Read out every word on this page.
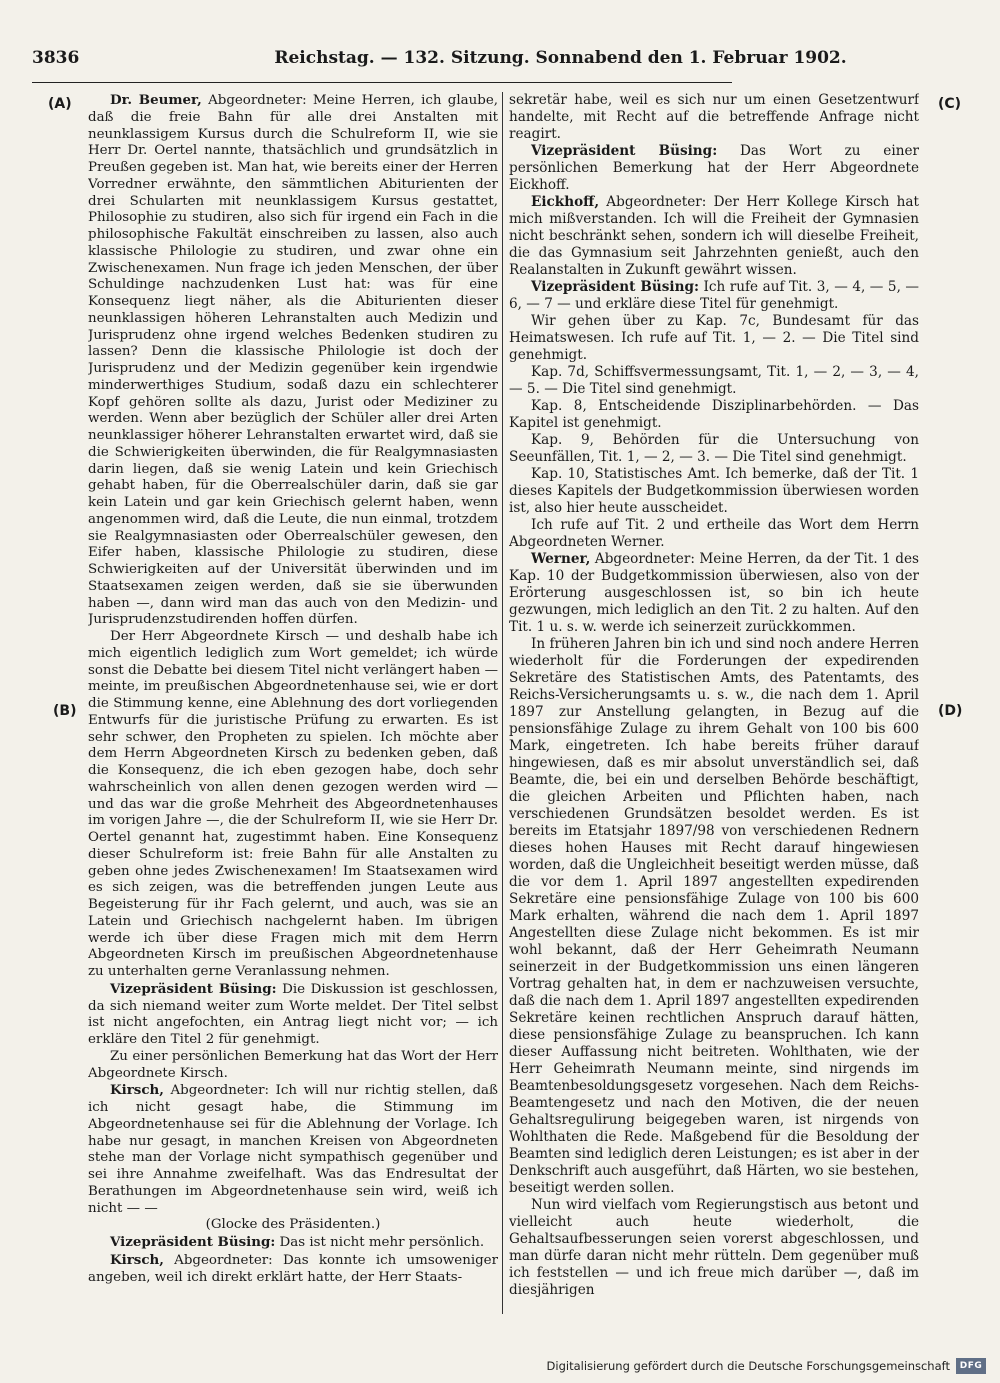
3836	Reichstag. — 132. Sitzung. Sonnabend den 1. Februar 1902.
(A)
(B)
(C)
(D)

Dr. Beumer, Abgeordneter: Meine Herren, ich glaube, daß die freie Bahn für alle drei Anstalten mit neunklassigem Kursus durch die Schulreform II, wie sie Herr Dr. Oertel nannte, thatsächlich und grundsätzlich in Preußen gegeben ist. Man hat, wie bereits einer der Herren Vorredner erwähnte, den sämmtlichen Abiturienten der drei Schularten mit neunklassigem Kursus gestattet, Philosophie zu studiren, also sich für irgend ein Fach in die philosophische Fakultät einschreiben zu lassen, also auch klassische Philologie zu studiren, und zwar ohne ein Zwischenexamen. Nun frage ich jeden Menschen, der über Schuldinge nachzudenken Lust hat: was für eine Konsequenz liegt näher, als die Abiturienten dieser neunklassigen höheren Lehranstalten auch Medizin und Jurisprudenz ohne irgend welches Bedenken studiren zu lassen? Denn die klassische Philologie ist doch der Jurisprudenz und der Medizin gegenüber kein irgendwie minderwerthiges Studium, sodaß dazu ein schlechterer Kopf gehören sollte als dazu, Jurist oder Mediziner zu werden. Wenn aber bezüglich der Schüler aller drei Arten neunklassiger höherer Lehranstalten erwartet wird, daß sie die Schwierigkeiten überwinden, die für Realgymnasiasten darin liegen, daß sie wenig Latein und kein Griechisch gehabt haben, für die Oberrealschüler darin, daß sie gar kein Latein und gar kein Griechisch gelernt haben, wenn angenommen wird, daß die Leute, die nun einmal, trotzdem sie Realgymnasiasten oder Oberrealschüler gewesen, den Eifer haben, klassische Philologie zu studiren, diese Schwierigkeiten auf der Universität überwinden und im Staatsexamen zeigen werden, daß sie sie überwunden haben —, dann wird man das auch von den Medizin- und Jurisprudenzstudirenden hoffen dürfen.

Der Herr Abgeordnete Kirsch — und deshalb habe ich mich eigentlich lediglich zum Wort gemeldet; ich würde sonst die Debatte bei diesem Titel nicht verlängert haben — meinte, im preußischen Abgeordnetenhause sei, wie er dort die Stimmung kenne, eine Ablehnung des dort vorliegenden Entwurfs für die juristische Prüfung zu erwarten. Es ist sehr schwer, den Propheten zu spielen. Ich möchte aber dem Herrn Abgeordneten Kirsch zu bedenken geben, daß die Konsequenz, die ich eben gezogen habe, doch sehr wahrscheinlich von allen denen gezogen werden wird — und das war die große Mehrheit des Abgeordnetenhauses im vorigen Jahre —, die der Schulreform II, wie sie Herr Dr. Oertel genannt hat, zugestimmt haben. Eine Konsequenz dieser Schulreform ist: freie Bahn für alle Anstalten zu geben ohne jedes Zwischenexamen! Im Staatsexamen wird es sich zeigen, was die betreffenden jungen Leute aus Begeisterung für ihr Fach gelernt, und auch, was sie an Latein und Griechisch nachgelernt haben. Im übrigen werde ich über diese Fragen mich mit dem Herrn Abgeordneten Kirsch im preußischen Abgeordnetenhause zu unterhalten gerne Veranlassung nehmen.

Vizepräsident Büsing: Die Diskussion ist geschlossen, da sich niemand weiter zum Worte meldet. Der Titel selbst ist nicht angefochten, ein Antrag liegt nicht vor; — ich erkläre den Titel 2 für genehmigt.

Zu einer persönlichen Bemerkung hat das Wort der Herr Abgeordnete Kirsch.

Kirsch, Abgeordneter: Ich will nur richtig stellen, daß ich nicht gesagt habe, die Stimmung im Abgeordnetenhause sei für die Ablehnung der Vorlage. Ich habe nur gesagt, in manchen Kreisen von Abgeordneten stehe man der Vorlage nicht sympathisch gegenüber und sei ihre Annahme zweifelhaft. Was das Endresultat der Berathungen im Abgeordnetenhause sein wird, weiß ich nicht — —

(Glocke des Präsidenten.)

Vizepräsident Büsing: Das ist nicht mehr persönlich.

Kirsch, Abgeordneter: Das konnte ich umsoweniger angeben, weil ich direkt erklärt hatte, der Herr Staats-

sekretär habe, weil es sich nur um einen Gesetzentwurf handelte, mit Recht auf die betreffende Anfrage nicht reagirt.

Vizepräsident Büsing: Das Wort zu einer persönlichen Bemerkung hat der Herr Abgeordnete Eickhoff.

Eickhoff, Abgeordneter: Der Herr Kollege Kirsch hat mich mißverstanden. Ich will die Freiheit der Gymnasien nicht beschränkt sehen, sondern ich will dieselbe Freiheit, die das Gymnasium seit Jahrzehnten genießt, auch den Realanstalten in Zukunft gewährt wissen.

Vizepräsident Büsing: Ich rufe auf Tit. 3, — 4, — 5, — 6, — 7 — und erkläre diese Titel für genehmigt.

Wir gehen über zu Kap. 7c, Bundesamt für das Heimatswesen. Ich rufe auf Tit. 1, — 2. — Die Titel sind genehmigt.

Kap. 7d, Schiffsvermessungsamt, Tit. 1, — 2, — 3, — 4, — 5. — Die Titel sind genehmigt.

Kap. 8, Entscheidende Disziplinarbehörden. — Das Kapitel ist genehmigt.

Kap. 9, Behörden für die Untersuchung von Seeunfällen, Tit. 1, — 2, — 3. — Die Titel sind genehmigt.

Kap. 10, Statistisches Amt. Ich bemerke, daß der Tit. 1 dieses Kapitels der Budgetkommission überwiesen worden ist, also hier heute ausscheidet.

Ich rufe auf Tit. 2 und ertheile das Wort dem Herrn Abgeordneten Werner.

Werner, Abgeordneter: Meine Herren, da der Tit. 1 des Kap. 10 der Budgetkommission überwiesen, also von der Erörterung ausgeschlossen ist, so bin ich heute gezwungen, mich lediglich an den Tit. 2 zu halten. Auf den Tit. 1 u. s. w. werde ich seinerzeit zurückkommen.

In früheren Jahren bin ich und sind noch andere Herren wiederholt für die Forderungen der expedirenden Sekretäre des Statistischen Amts, des Patentamts, des Reichs-Versicherungsamts u. s. w., die nach dem 1. April 1897 zur Anstellung gelangten, in Bezug auf die pensionsfähige Zulage zu ihrem Gehalt von 100 bis 600 Mark, eingetreten. Ich habe bereits früher darauf hingewiesen, daß es mir absolut unverständlich sei, daß Beamte, die, bei ein und derselben Behörde beschäftigt, die gleichen Arbeiten und Pflichten haben, nach verschiedenen Grundsätzen besoldet werden. Es ist bereits im Etatsjahr 1897/98 von verschiedenen Rednern dieses hohen Hauses mit Recht darauf hingewiesen worden, daß die Ungleichheit beseitigt werden müsse, daß die vor dem 1. April 1897 angestellten expedirenden Sekretäre eine pensionsfähige Zulage von 100 bis 600 Mark erhalten, während die nach dem 1. April 1897 Angestellten diese Zulage nicht bekommen. Es ist mir wohl bekannt, daß der Herr Geheimrath Neumann seinerzeit in der Budgetkommission uns einen längeren Vortrag gehalten hat, in dem er nachzuweisen versuchte, daß die nach dem 1. April 1897 angestellten expedirenden Sekretäre keinen rechtlichen Anspruch darauf hätten, diese pensionsfähige Zulage zu beanspruchen. Ich kann dieser Auffassung nicht beitreten. Wohlthaten, wie der Herr Geheimrath Neumann meinte, sind nirgends im Beamtenbesoldungsgesetz vorgesehen. Nach dem Reichs-Beamtengesetz und nach den Motiven, die der neuen Gehaltsregulirung beigegeben waren, ist nirgends von Wohlthaten die Rede. Maßgebend für die Besoldung der Beamten sind lediglich deren Leistungen; es ist aber in der Denkschrift auch ausgeführt, daß Härten, wo sie bestehen, beseitigt werden sollen.

Nun wird vielfach vom Regierungstisch aus betont und vielleicht auch heute wiederholt, die Gehaltsaufbesserungen seien vorerst abgeschlossen, und man dürfe daran nicht mehr rütteln. Dem gegenüber muß ich feststellen — und ich freue mich darüber —, daß im diesjährigen

Digitalisierung gefördert durch die Deutsche Forschungsgemeinschaft	DFG
